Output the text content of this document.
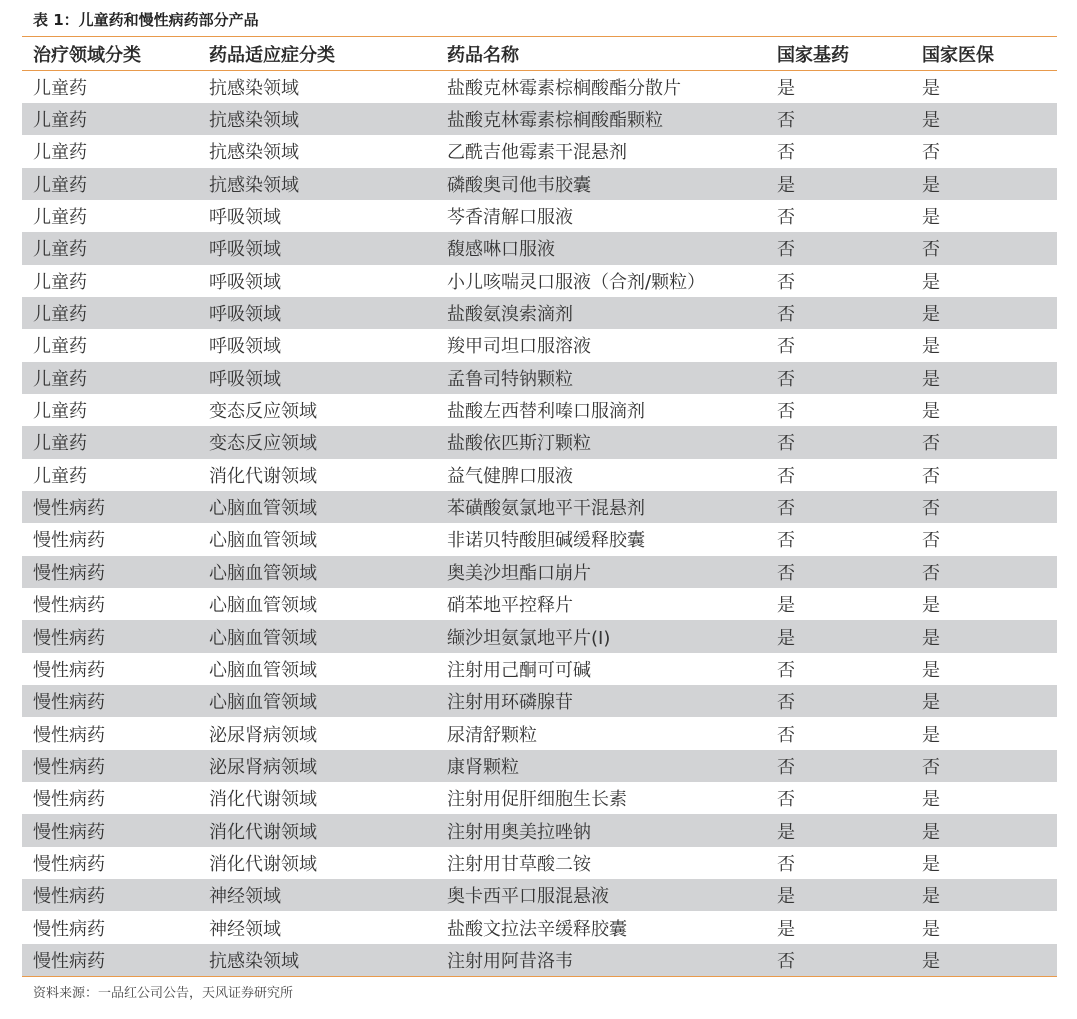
表 1：儿童药和慢性病药部分产品
治疗领域分类	药品适应症分类	药品名称	国家基药	国家医保
儿童药	抗感染领域	盐酸克林霉素棕榈酸酯分散片	是	是
儿童药	抗感染领域	盐酸克林霉素棕榈酸酯颗粒	否	是
儿童药	抗感染领域	乙酰吉他霉素干混悬剂	否	否
儿童药	抗感染领域	磷酸奥司他韦胶囊	是	是
儿童药	呼吸领域	芩香清解口服液	否	是
儿童药	呼吸领域	馥感啉口服液	否	否
儿童药	呼吸领域	小儿咳喘灵口服液（合剂/颗粒）	否	是
儿童药	呼吸领域	盐酸氨溴索滴剂	否	是
儿童药	呼吸领域	羧甲司坦口服溶液	否	是
儿童药	呼吸领域	孟鲁司特钠颗粒	否	是
儿童药	变态反应领域	盐酸左西替利嗪口服滴剂	否	是
儿童药	变态反应领域	盐酸依匹斯汀颗粒	否	否
儿童药	消化代谢领域	益气健脾口服液	否	否
慢性病药	心脑血管领域	苯磺酸氨氯地平干混悬剂	否	否
慢性病药	心脑血管领域	非诺贝特酸胆碱缓释胶囊	否	否
慢性病药	心脑血管领域	奥美沙坦酯口崩片	否	否
慢性病药	心脑血管领域	硝苯地平控释片	是	是
慢性病药	心脑血管领域	缬沙坦氨氯地平片(I)	是	是
慢性病药	心脑血管领域	注射用己酮可可碱	否	是
慢性病药	心脑血管领域	注射用环磷腺苷	否	是
慢性病药	泌尿肾病领域	尿清舒颗粒	否	是
慢性病药	泌尿肾病领域	康肾颗粒	否	否
慢性病药	消化代谢领域	注射用促肝细胞生长素	否	是
慢性病药	消化代谢领域	注射用奥美拉唑钠	是	是
慢性病药	消化代谢领域	注射用甘草酸二铵	否	是
慢性病药	神经领域	奥卡西平口服混悬液	是	是
慢性病药	神经领域	盐酸文拉法辛缓释胶囊	是	是
慢性病药	抗感染领域	注射用阿昔洛韦	否	是
资料来源：一品红公司公告，天风证券研究所
